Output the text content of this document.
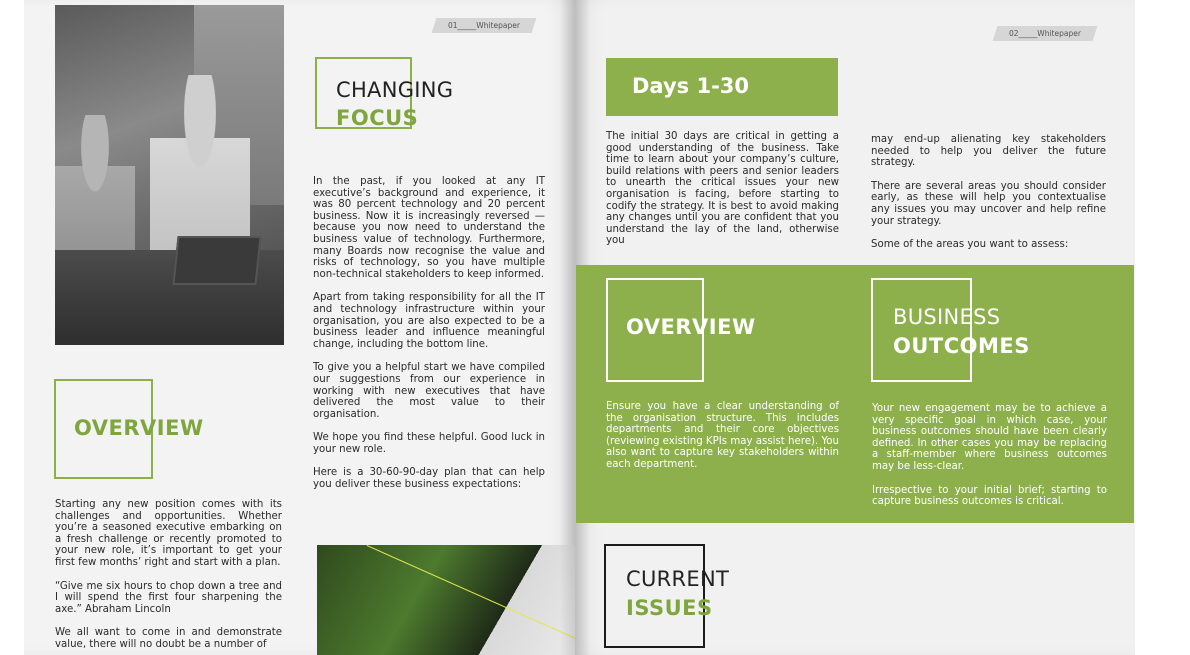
01_____Whitepaper
CHANGING
FOCUS

In the past, if you looked at any IT executive’s background and experience, it was 80 percent technology and 20 percent business. Now it is increasingly reversed — because you now need to understand the business value of technology. Furthermore, many Boards now recognise the value and risks of technology, so you have multiple non-technical stakeholders to keep informed.

Apart from taking responsibility for all the IT and technology infrastructure within your organisation, you are also expected to be a business leader and influence meaningful change, including the bottom line.

To give you a helpful start we have compiled our suggestions from our experience in working with new executives that have delivered the most value to their organisation.

We hope you find these helpful. Good luck in your new role.

Here is a 30-60-90-day plan that can help you deliver these business expectations:

OVERVIEW

Starting any new position comes with its challenges and opportunities. Whether you’re a seasoned executive embarking on a fresh challenge or recently promoted to your new role, it’s important to get your first few months’ right and start with a plan.

“Give me six hours to chop down a tree and I will spend the first four sharpening the axe.” Abraham Lincoln

We all want to come in and demonstrate value, there will no doubt be a number of

02_____Whitepaper
Days 1-30
The initial 30 days are critical in getting a good understanding of the business. Take time to learn about your company’s culture, build relations with peers and senior leaders to unearth the critical issues your new organisation is facing, before starting to codify the strategy. It is best to avoid making any changes until you are confident that you understand the lay of the land, otherwise you

may end-up alienating key stakeholders needed to help you deliver the future strategy.

There are several areas you should consider early, as these will help you contextualise any issues you may uncover and help refine your strategy.

Some of the areas you want to assess:

OVERVIEW
Ensure you have a clear understanding of the organisation structure. This includes departments and their core objectives (reviewing existing KPIs may assist here). You also want to capture key stakeholders within each department.
BUSINESS
OUTCOMES

Your new engagement may be to achieve a very specific goal in which case, your business outcomes should have been clearly defined. In other cases you may be replacing a staff-member where business outcomes may be less-clear.

Irrespective to your initial brief; starting to capture business outcomes is critical.

CURRENT
ISSUES
